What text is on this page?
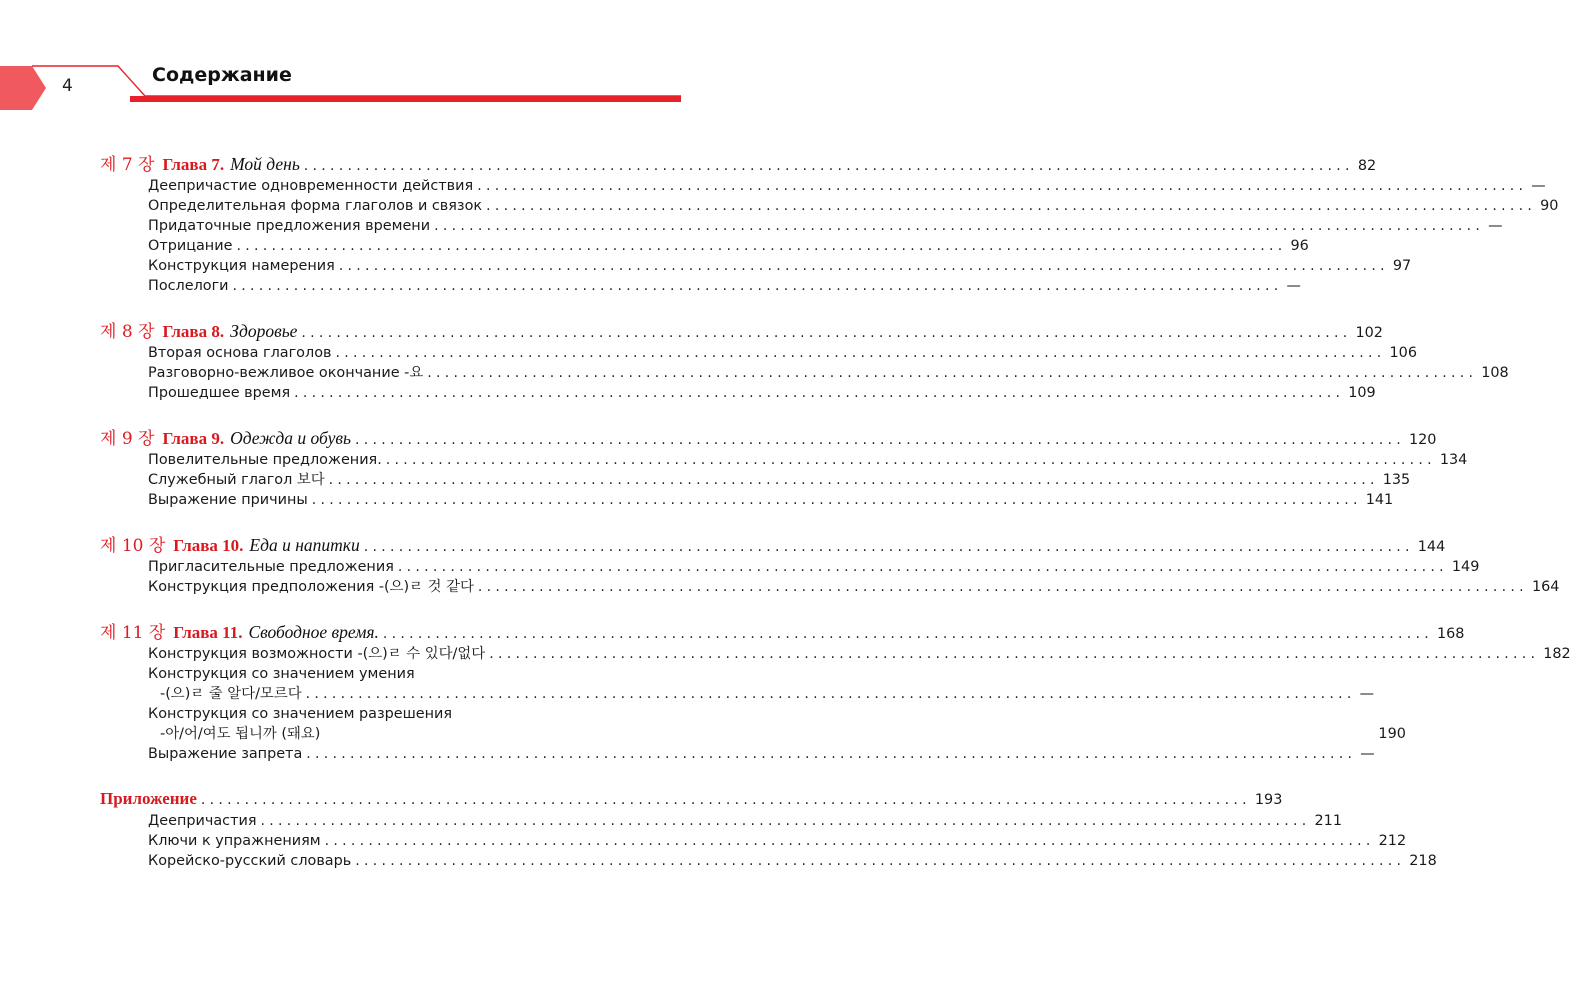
4	Содержание
제 7 장 Глава 7. Мой день ........................................................................................................................ 82
Деепричастие одновременности действия ........................................................................................................................ —
Определительная форма глаголов и связок ........................................................................................................................ 90
Придаточные предложения времени ........................................................................................................................ —
Отрицание ........................................................................................................................ 96
Конструкция намерения ........................................................................................................................ 97
Послелоги ........................................................................................................................ —
제 8 장 Глава 8. Здоровье ........................................................................................................................ 102
Вторая основа глаголов ........................................................................................................................ 106
Разговорно-вежливое окончание -요 ........................................................................................................................ 108
Прошедшее время ........................................................................................................................ 109
제 9 장 Глава 9. Одежда и обувь ........................................................................................................................ 120
Повелительные предложения. ........................................................................................................................ 134
Служебный глагол 보다 ........................................................................................................................ 135
Выражение причины ........................................................................................................................ 141
제 10 장 Глава 10. Еда и напитки ........................................................................................................................ 144
Пригласительные предложения ........................................................................................................................ 149
Конструкция предположения -(으)ㄹ 것 같다 ........................................................................................................................ 164
제 11 장 Глава 11. Свободное время. ........................................................................................................................ 168
Конструкция возможности -(으)ㄹ 수 있다/없다 ........................................................................................................................ 182
Конструкция со значением умения
-(으)ㄹ 줄 알다/모르다 ........................................................................................................................ —
Конструкция со значением разрешения
-아/어/여도 됩니까 (돼요)	190
Выражение запрета ........................................................................................................................ —
Приложение ........................................................................................................................ 193
Деепричастия ........................................................................................................................ 211
Ключи к упражнениям ........................................................................................................................ 212
Корейско-русский словарь ........................................................................................................................ 218
